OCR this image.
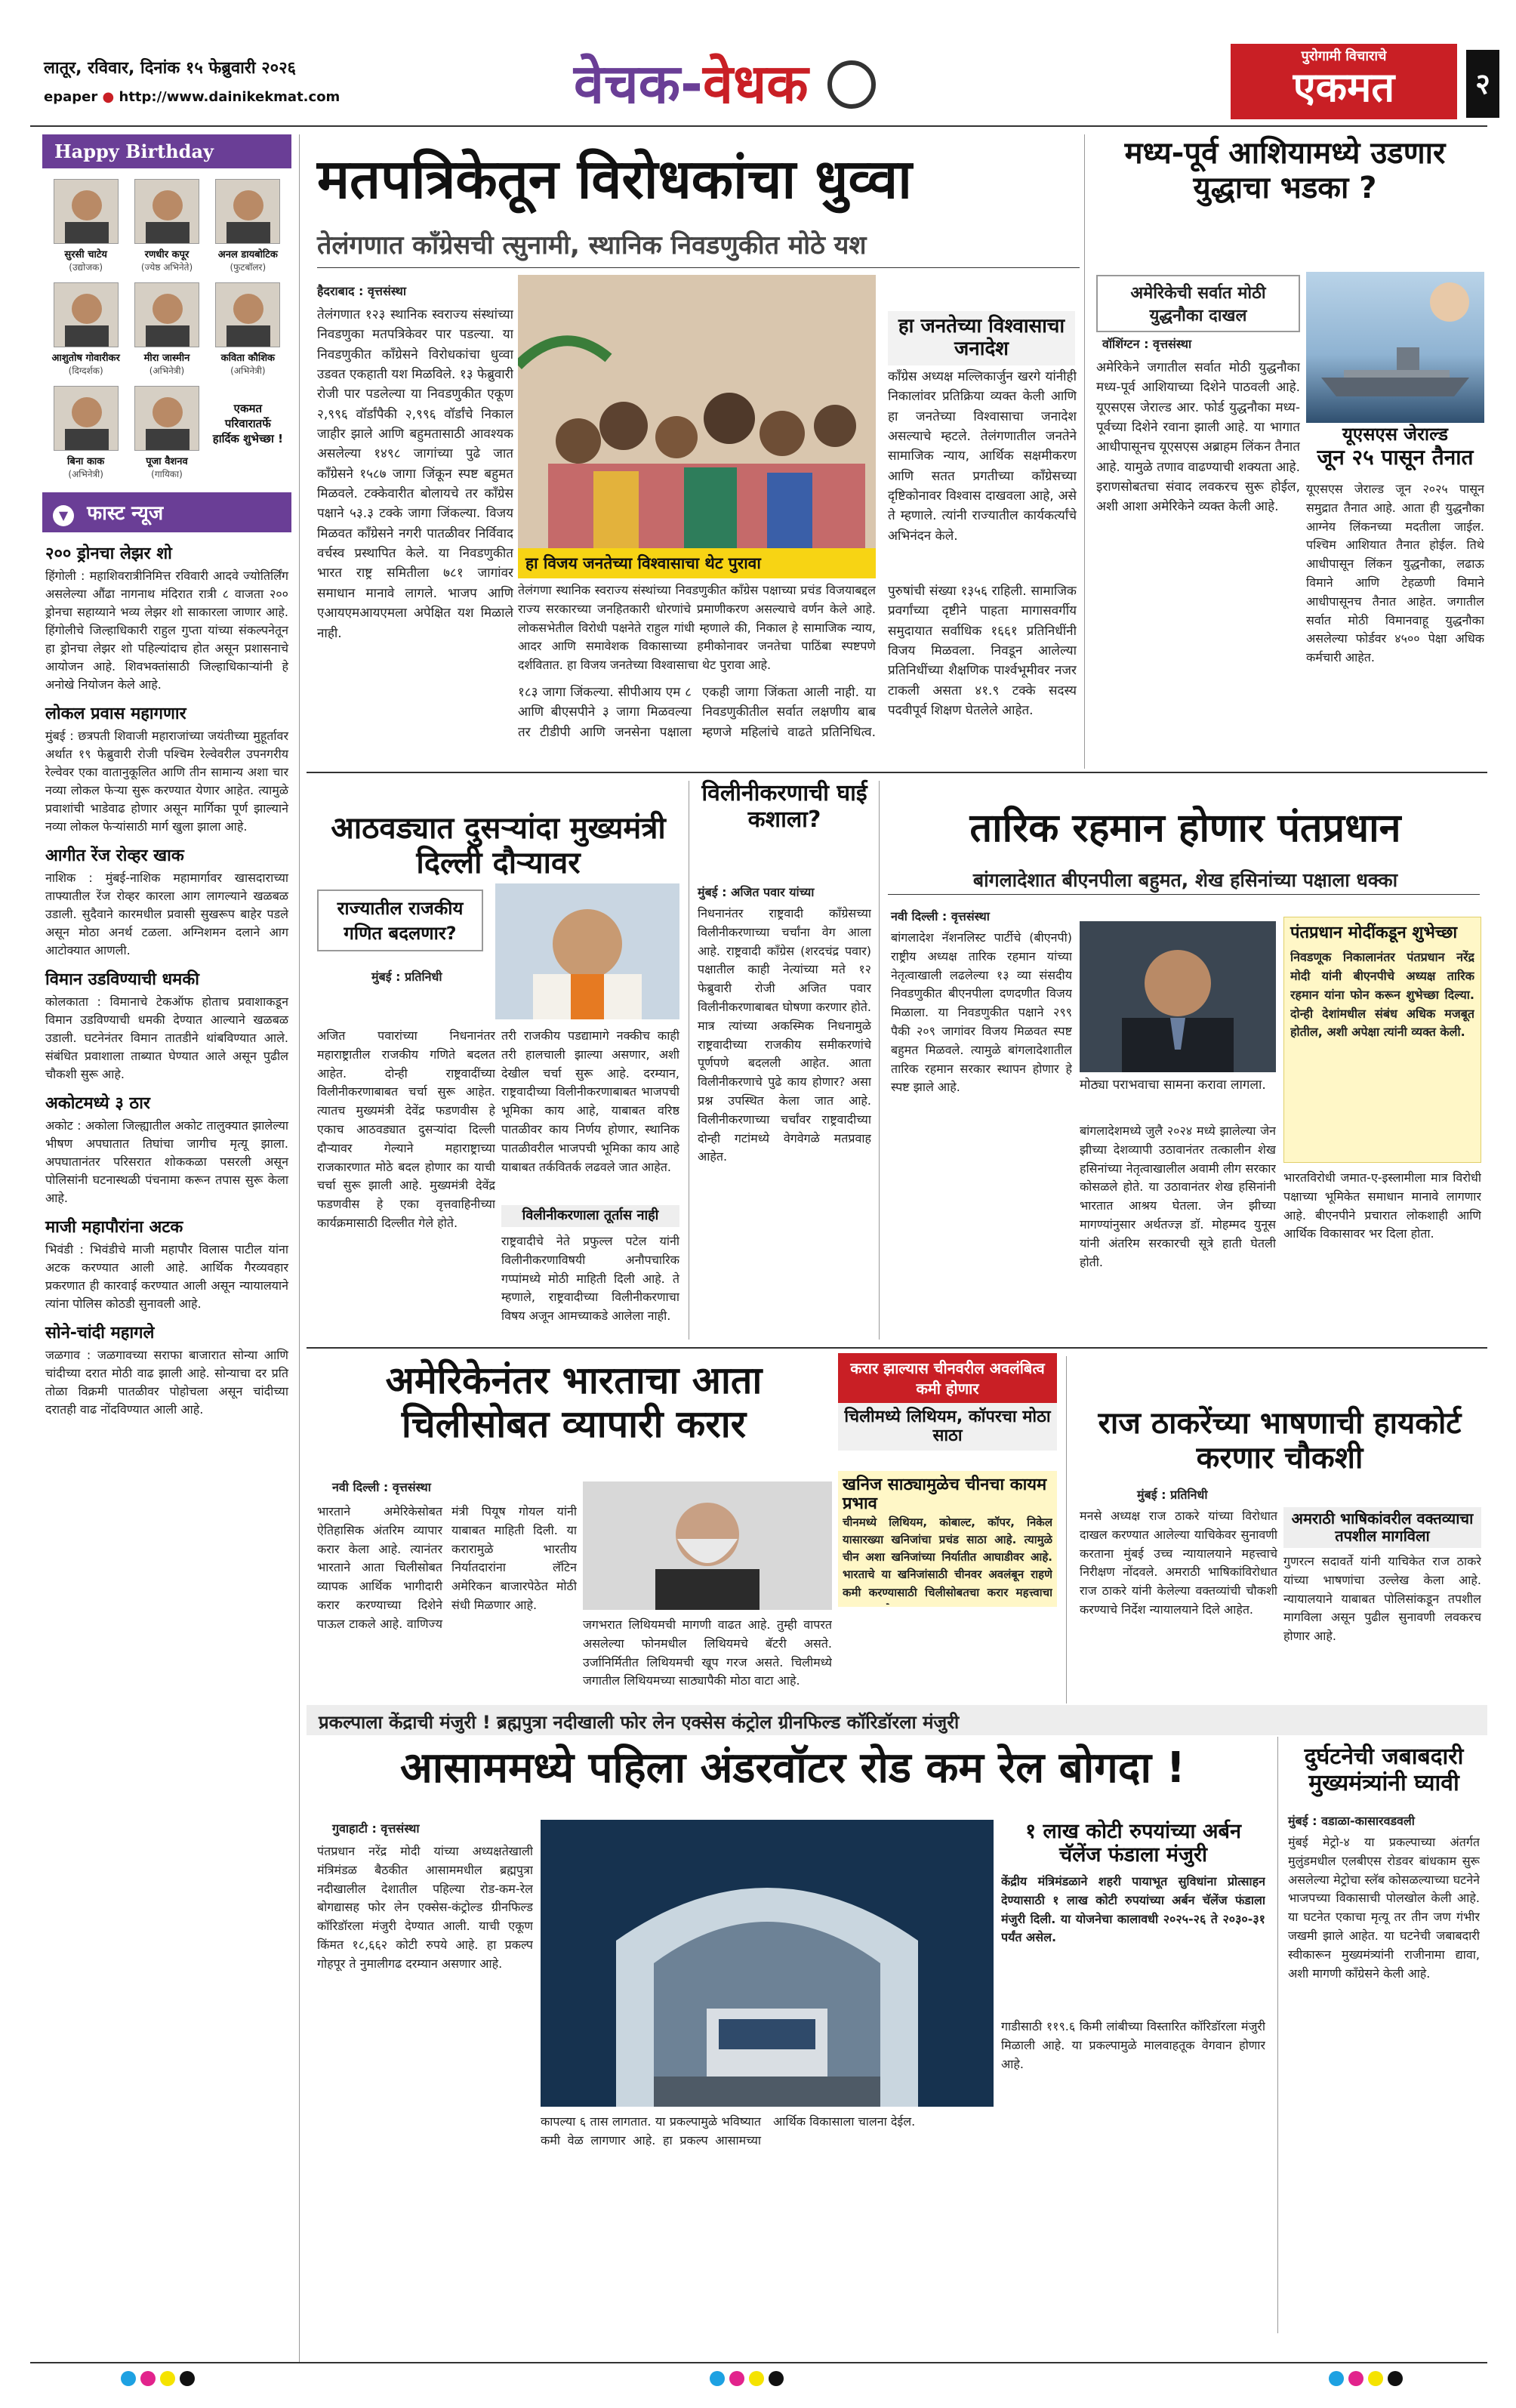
लातूर, रविवार, दिनांक १५ फेब्रुवारी २०२६
epaper ● http://www.dainikekmat.com	वेचक-वेधक	पुरोगामी विचाराचे
एकमत	२
Happy Birthday
सुरसी चाटेय
(उद्योजक)
रणधीर कपूर
(ज्येष्ठ अभिनेते)
अनल डायबोटिक
(फुटबॉलर)
आशुतोष गोवारीकर
(दिग्दर्शक)
मीरा जास्मीन
(अभिनेत्री)
कविता कौशिक
(अभिनेत्री)
बिना काक
(अभिनेत्री)
पूजा वैशनव
(गायिका)
एकमत परिवारातर्फे हार्दिक शुभेच्छा !
▼ फास्ट न्यूज
२०० ड्रोनचा लेझर शो
हिंगोली : महाशिवरात्रीनिमित्त रविवारी आदवे ज्योतिर्लिंग असलेल्या औंढा नागनाथ मंदिरात रात्री ८ वाजता २०० ड्रोनचा सहाय्याने भव्य लेझर शो साकारला जाणार आहे. हिंगोलीचे जिल्हाधिकारी राहुल गुप्ता यांच्या संकल्पनेतून हा ड्रोनचा लेझर शो पहिल्यांदाच होत असून प्रशासनाचे आयोजन आहे. शिवभक्तांसाठी जिल्हाधिकाऱ्यांनी हे अनोखे नियोजन केले आहे.
लोकल प्रवास महागणार
मुंबई : छत्रपती शिवाजी महाराजांच्या जयंतीच्या मुहूर्तावर अर्थात १९ फेब्रुवारी रोजी पश्चिम रेल्वेवरील उपनगरीय रेल्वेवर एका वातानुकूलित आणि तीन सामान्य अशा चार नव्या लोकल फेऱ्या सुरू करण्यात येणार आहेत. त्यामुळे प्रवाशांची भाडेवाढ होणार असून मार्गिका पूर्ण झाल्याने नव्या लोकल फेऱ्यांसाठी मार्ग खुला झाला आहे.
आगीत रेंज रोव्हर खाक
नाशिक : मुंबई-नाशिक महामार्गावर खासदाराच्या ताफ्यातील रेंज रोव्हर कारला आग लागल्याने खळबळ उडाली. सुदैवाने कारमधील प्रवासी सुखरूप बाहेर पडले असून मोठा अनर्थ टळला. अग्निशमन दलाने आग आटोक्यात आणली.
विमान उडविण्याची धमकी
कोलकाता : विमानाचे टेकऑफ होताच प्रवाशाकडून विमान उडविण्याची धमकी देण्यात आल्याने खळबळ उडाली. घटनेनंतर विमान तातडीने थांबविण्यात आले. संबंधित प्रवाशाला ताब्यात घेण्यात आले असून पुढील चौकशी सुरू आहे.
अकोटमध्ये ३ ठार
अकोट : अकोला जिल्ह्यातील अकोट तालुक्यात झालेल्या भीषण अपघातात तिघांचा जागीच मृत्यू झाला. अपघातानंतर परिसरात शोककळा पसरली असून पोलिसांनी घटनास्थळी पंचनामा करून तपास सुरू केला आहे.
माजी महापौरांना अटक
भिवंडी : भिवंडीचे माजी महापौर विलास पाटील यांना अटक करण्यात आली आहे. आर्थिक गैरव्यवहार प्रकरणात ही कारवाई करण्यात आली असून न्यायालयाने त्यांना पोलिस कोठडी सुनावली आहे.
सोने-चांदी महागले
जळगाव : जळगावच्या सराफा बाजारात सोन्या आणि चांदीच्या दरात मोठी वाढ झाली आहे. सोन्याचा दर प्रति तोळा विक्रमी पातळीवर पोहोचला असून चांदीच्या दरातही वाढ नोंदविण्यात आली आहे.
मतपत्रिकेतून विरोधकांचा धुव्वा
तेलंगणात काँग्रेसची त्सुनामी, स्थानिक निवडणुकीत मोठे यश
हैदराबाद : वृत्तसंस्था
तेलंगणात १२३ स्थानिक स्वराज्य संस्थांच्या निवडणुका मतपत्रिकेवर पार पडल्या. या निवडणुकीत काँग्रेसने विरोधकांचा धुव्वा उडवत एकहाती यश मिळविले. १३ फेब्रुवारी रोजी पार पडलेल्या या निवडणुकीत एकूण २,९९६ वॉर्डांपैकी २,९९६ वॉर्डांचे निकाल जाहीर झाले आणि बहुमतासाठी आवश्यक असलेल्या १४९८ जागांच्या पुढे जात काँग्रेसने १५८७ जागा जिंकून स्पष्ट बहुमत मिळवले. टक्केवारीत बोलायचे तर काँग्रेस पक्षाने ५३.३ टक्के जागा जिंकल्या. विजय मिळवत काँग्रेसने नगरी पातळीवर निर्विवाद वर्चस्व प्रस्थापित केले. या निवडणुकीत भारत राष्ट्र समितीला ७८१ जागांवर समाधान मानावे लागले. भाजप आणि एआयएमआयएमला अपेक्षित यश मिळाले नाही.
हा विजय जनतेच्या विश्वासाचा थेट पुरावा
तेलंगणा स्थानिक स्वराज्य संस्थांच्या निवडणुकीत काँग्रेस पक्षाच्या प्रचंड विजयाबद्दल राज्य सरकारच्या जनहितकारी धोरणांचे प्रमाणीकरण असल्याचे वर्णन केले आहे. लोकसभेतील विरोधी पक्षनेते राहुल गांधी म्हणाले की, निकाल हे सामाजिक न्याय, आदर आणि समावेशक विकासाच्या हमीकोनावर जनतेचा पाठिंबा स्पष्टपणे दर्शवितात. हा विजय जनतेच्या विश्वासाचा थेट पुरावा आहे.
१८३ जागा जिंकल्या. सीपीआय एम ८ आणि बीएसपीने ३ जागा मिळवल्या तर टीडीपी आणि जनसेना पक्षाला एकही जागा जिंकता आली नाही. या निवडणुकीतील सर्वात लक्षणीय बाब म्हणजे महिलांचे वाढते प्रतिनिधित्व.
हा जनतेच्या विश्वासाचा जनादेश
काँग्रेस अध्यक्ष मल्लिकार्जुन खरगे यांनीही निकालांवर प्रतिक्रिया व्यक्त केली आणि हा जनतेच्या विश्वासाचा जनादेश असल्याचे म्हटले. तेलंगणातील जनतेने सामाजिक न्याय, आर्थिक सक्षमीकरण आणि सतत प्रगतीच्या काँग्रेसच्या दृष्टिकोनावर विश्वास दाखवला आहे, असे ते म्हणाले. त्यांनी राज्यातील कार्यकर्त्यांचे अभिनंदन केले.
पुरुषांची संख्या १३५६ राहिली. सामाजिक प्रवर्गांच्या दृष्टीने पाहता मागासवर्गीय समुदायात सर्वाधिक १६६१ प्रतिनिधींनी विजय मिळवला. निवडून आलेल्या प्रतिनिधींच्या शैक्षणिक पार्श्वभूमीवर नजर टाकली असता ४१.९ टक्के सदस्य पदवीपूर्व शिक्षण घेतलेले आहेत.
मध्य-पूर्व आशियामध्ये उडणार युद्धाचा भडका ?
अमेरिकेची सर्वात मोठी युद्धनौका दाखल
वॉशिंग्टन : वृत्तसंस्था
अमेरिकेने जगातील सर्वात मोठी युद्धनौका मध्य-पूर्व आशियाच्या दिशेने पाठवली आहे. यूएसएस जेराल्ड आर. फोर्ड युद्धनौका मध्य-पूर्वच्या दिशेने रवाना झाली आहे. या भागात आधीपासूनच यूएसएस अब्राहम लिंकन तैनात आहे. यामुळे तणाव वाढण्याची शक्यता आहे. इराणसोबतचा संवाद लवकरच सुरू होईल, अशी आशा अमेरिकेने व्यक्त केली आहे.
यूएसएस जेराल्ड
जून २५ पासून तैनात
यूएसएस जेराल्ड जून २०२५ पासून समुद्रात तैनात आहे. आता ही युद्धनौका आग्नेय लिंकनच्या मदतीला जाईल. पश्चिम आशियात तैनात होईल. तिथे आधीपासून लिंकन युद्धनौका, लढाऊ विमाने आणि टेहळणी विमाने आधीपासूनच तैनात आहेत. जगातील सर्वात मोठी विमानवाहू युद्धनौका असलेल्या फोर्डवर ४५०० पेक्षा अधिक कर्मचारी आहेत.
आठवड्यात दुसऱ्यांदा मुख्यमंत्री दिल्ली दौऱ्यावर
राज्यातील राजकीय गणित बदलणार?
मुंबई : प्रतिनिधी
अजित पवारांच्या निधनानंतर महाराष्ट्रातील राजकीय गणिते बदलत आहेत. दोन्ही राष्ट्रवादींच्या विलीनीकरणाबाबत चर्चा सुरू आहेत. त्यातच मुख्यमंत्री देवेंद्र फडणवीस हे एकाच आठवड्यात दुसऱ्यांदा दिल्ली दौऱ्यावर गेल्याने महाराष्ट्राच्या राजकारणात मोठे बदल होणार का याची चर्चा सुरू झाली आहे. मुख्यमंत्री देवेंद्र फडणवीस हे एका वृत्तवाहिनीच्या कार्यक्रमासाठी दिल्लीत गेले होते.
तरी राजकीय पडद्यामागे नक्कीच काही तरी हालचाली झाल्या असणार, अशी देखील चर्चा सुरू आहे. दरम्यान, राष्ट्रवादीच्या विलीनीकरणाबाबत भाजपची भूमिका काय आहे, याबाबत वरिष्ठ पातळीवर काय निर्णय होणार, स्थानिक पातळीवरील भाजपची भूमिका काय आहे याबाबत तर्कवितर्क लढवले जात आहेत.
विलीनीकरणाला तूर्तास नाही
राष्ट्रवादीचे नेते प्रफुल्ल पटेल यांनी विलीनीकरणाविषयी अनौपचारिक गप्पांमध्ये मोठी माहिती दिली आहे. ते म्हणाले, राष्ट्रवादीच्या विलीनीकरणाचा विषय अजून आमच्याकडे आलेला नाही.
विलीनीकरणाची घाई कशाला?
मुंबई : अजित पवार यांच्या
निधनानंतर राष्ट्रवादी काँग्रेसच्या विलीनीकरणाच्या चर्चांना वेग आला आहे. राष्ट्रवादी काँग्रेस (शरदचंद्र पवार) पक्षातील काही नेत्यांच्या मते १२ फेब्रुवारी रोजी अजित पवार विलीनीकरणाबाबत घोषणा करणार होते. मात्र त्यांच्या अकस्मिक निधनामुळे राष्ट्रवादीच्या राजकीय समीकरणांचे पूर्णपणे बदलली आहेत. आता विलीनीकरणाचे पुढे काय होणार? असा प्रश्न उपस्थित केला जात आहे. विलीनीकरणाच्या चर्चांवर राष्ट्रवादीच्या दोन्ही गटांमध्ये वेगवेगळे मतप्रवाह आहेत.
तारिक रहमान होणार पंतप्रधान
बांगलादेशात बीएनपीला बहुमत, शेख हसिनांच्या पक्षाला धक्का
नवी दिल्ली : वृत्तसंस्था
बांगलादेश नॅशनलिस्ट पार्टीचे (बीएनपी) राष्ट्रीय अध्यक्ष तारिक रहमान यांच्या नेतृत्वाखाली लढलेल्या १३ व्या संसदीय निवडणुकीत बीएनपीला दणदणीत विजय मिळाला. या निवडणुकीत पक्षाने २९९ पैकी २०९ जागांवर विजय मिळवत स्पष्ट बहुमत मिळवले. त्यामुळे बांगलादेशातील तारिक रहमान सरकार स्थापन होणार हे स्पष्ट झाले आहे.	मोठ्या पराभवाचा सामना करावा लागला.
बांगलादेशमध्ये जुलै २०२४ मध्ये झालेल्या जेन झीच्या देशव्यापी उठावानंतर तत्कालीन शेख हसिनांच्या नेतृत्वाखालील अवामी लीग सरकार कोसळले होते. या उठावानंतर शेख हसिनांनी भारतात आश्रय घेतला. जेन झीच्या मागण्यांनुसार अर्थतज्ज्ञ डॉ. मोहम्मद युनूस यांनी अंतरिम सरकारची सूत्रे हाती घेतली होती.
पंतप्रधान मोदींकडून शुभेच्छा
निवडणूक निकालानंतर पंतप्रधान नरेंद्र मोदी यांनी बीएनपीचे अध्यक्ष तारिक रहमान यांना फोन करून शुभेच्छा दिल्या. दोन्ही देशांमधील संबंध अधिक मजबूत होतील, अशी अपेक्षा त्यांनी व्यक्त केली.
भारतविरोधी जमात-ए-इस्लामीला मात्र विरोधी पक्षाच्या भूमिकेत समाधान मानावे लागणार आहे. बीएनपीने प्रचारात लोकशाही आणि आर्थिक विकासावर भर दिला होता.
अमेरिकेनंतर भारताचा आता चिलीसोबत व्यापारी करार
नवी दिल्ली : वृत्तसंस्था
भारताने अमेरिकेसोबत ऐतिहासिक अंतरिम व्यापार करार केला आहे. त्यानंतर भारताने आता चिलीसोबत व्यापक आर्थिक भागीदारी करार करण्याच्या दिशेने पाऊल टाकले आहे. वाणिज्य मंत्री पियूष गोयल यांनी याबाबत माहिती दिली. या करारामुळे भारतीय निर्यातदारांना लॅटिन अमेरिकन बाजारपेठेत मोठी संधी मिळणार आहे.
जगभरात लिथियमची मागणी वाढत आहे. तुम्ही वापरत असलेल्या फोनमधील लिथियमचे बॅटरी असते. उर्जानिर्मितीत लिथियमची खूप गरज असते. चिलीमध्ये जगातील लिथियमच्या साठ्यापैकी मोठा वाटा आहे.
करार झाल्यास चीनवरील अवलंबित्व कमी होणार
चिलीमध्ये लिथियम, कॉपरचा मोठा साठा
खनिज साठ्यामुळेच चीनचा कायम प्रभाव
चीनमध्ये लिथियम, कोबाल्ट, कॉपर, निकेल यासारख्या खनिजांचा प्रचंड साठा आहे. त्यामुळे चीन अशा खनिजांच्या निर्यातीत आघाडीवर आहे. भारताचे या खनिजांसाठी चीनवर अवलंबून राहणे कमी करण्यासाठी चिलीसोबतचा करार महत्त्वाचा
राज ठाकरेंच्या भाषणाची हायकोर्ट करणार चौकशी
मुंबई : प्रतिनिधी
मनसे अध्यक्ष राज ठाकरे यांच्या विरोधात दाखल करण्यात आलेल्या याचिकेवर सुनावणी करताना मुंबई उच्च न्यायालयाने महत्त्वाचे निरीक्षण नोंदवले. अमराठी भाषिकांविरोधात राज ठाकरे यांनी केलेल्या वक्तव्यांची चौकशी करण्याचे निर्देश न्यायालयाने दिले आहेत.
अमराठी भाषिकांवरील वक्तव्याचा तपशील मागविला
गुणरत्न सदावर्ते यांनी याचिकेत राज ठाकरे यांच्या भाषणांचा उल्लेख केला आहे. न्यायालयाने याबाबत पोलिसांकडून तपशील मागविला असून पुढील सुनावणी लवकरच होणार आहे.
प्रकल्पाला केंद्राची मंजुरी ! ब्रह्मपुत्रा नदीखाली फोर लेन एक्सेस कंट्रोल ग्रीनफिल्ड कॉरिडॉरला मंजुरी
आसाममध्ये पहिला अंडरवॉटर रोड कम रेल बोगदा !
गुवाहाटी : वृत्तसंस्था
पंतप्रधान नरेंद्र मोदी यांच्या अध्यक्षतेखाली मंत्रिमंडळ बैठकीत आसाममधील ब्रह्मपुत्रा नदीखालील देशातील पहिल्या रोड-कम-रेल बोगद्यासह फोर लेन एक्सेस-कंट्रोल्ड ग्रीनफिल्ड कॉरिडॉरला मंजुरी देण्यात आली. याची एकूण किंमत १८,६६२ कोटी रुपये आहे. हा प्रकल्प गोहपूर ते नुमालीगढ दरम्यान असणार आहे.
कापल्या ६ तास लागतात. या प्रकल्पामुळे भविष्यात कमी वेळ लागणार आहे. हा प्रकल्प आसामच्या आर्थिक विकासाला चालना देईल.
१ लाख कोटी रुपयांच्या अर्बन चॅलेंज फंडाला मंजुरी
केंद्रीय मंत्रिमंडळाने शहरी पायाभूत सुविधांना प्रोत्साहन देण्यासाठी १ लाख कोटी रुपयांच्या अर्बन चॅलेंज फंडाला मंजुरी दिली. या योजनेचा कालावधी २०२५-२६ ते २०३०-३१ पर्यंत असेल.
गाडीसाठी ११९.६ किमी लांबीच्या विस्तारित कॉरिडॉरला मंजुरी मिळाली आहे. या प्रकल्पामुळे मालवाहतूक वेगवान होणार आहे.
दुर्घटनेची जबाबदारी मुख्यमंत्र्यांनी घ्यावी
मुंबई : वडाळा-कासारवडवली
मुंबई मेट्रो-४ या प्रकल्पाच्या अंतर्गत मुलुंडमधील एलबीएस रोडवर बांधकाम सुरू असलेल्या मेट्रोचा स्लॅब कोसळल्याच्या घटनेने भाजपच्या विकासाची पोलखोल केली आहे. या घटनेत एकाचा मृत्यू तर तीन जण गंभीर जखमी झाले आहेत. या घटनेची जबाबदारी स्वीकारून मुख्यमंत्र्यांनी राजीनामा द्यावा, अशी मागणी काँग्रेसने केली आहे.
